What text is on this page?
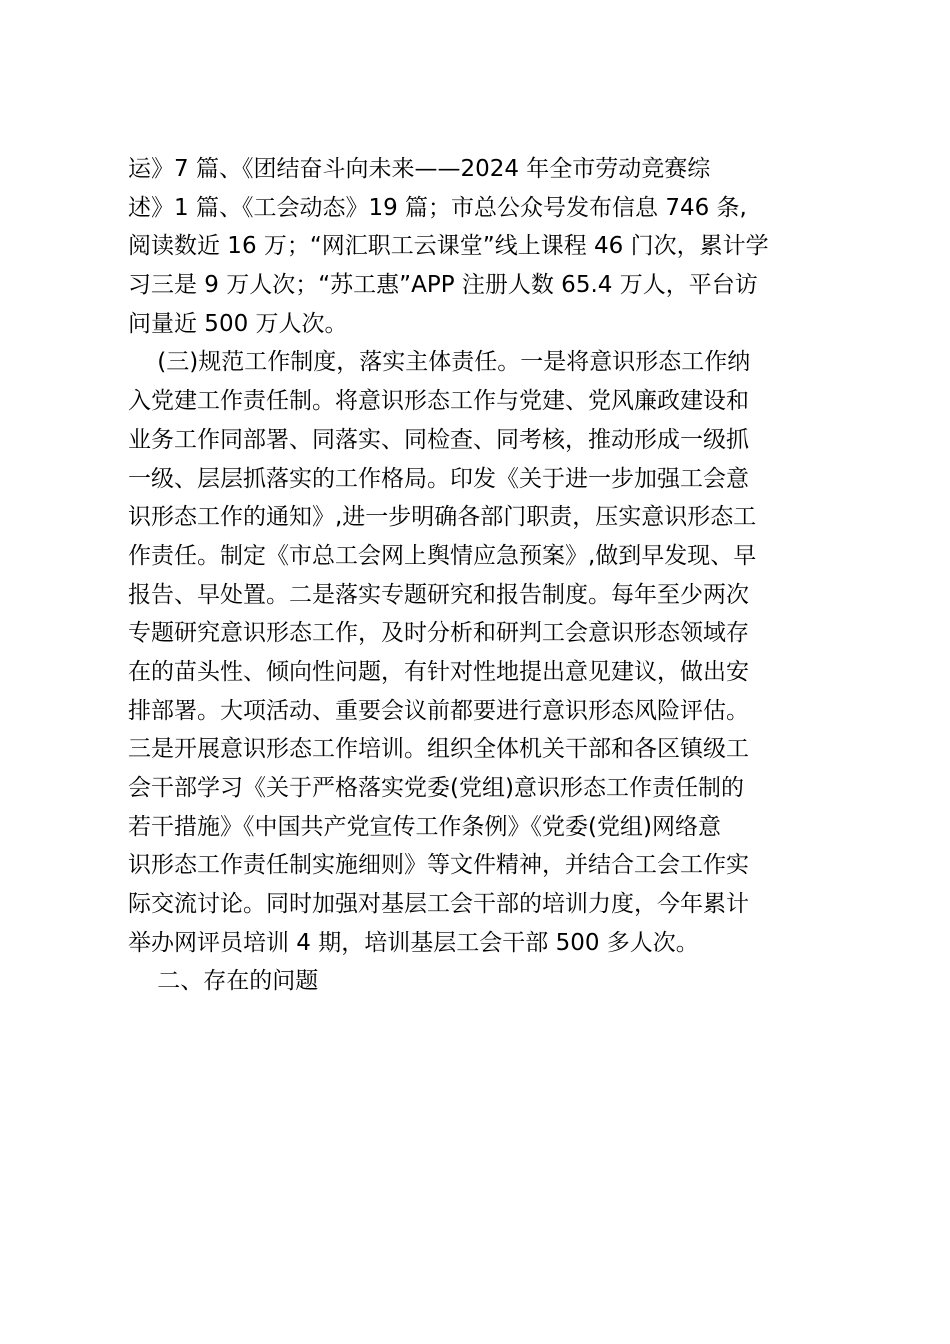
运》7 篇、《团结奋斗向未来——2024 年全市劳动竞赛综

述》1 篇、《工会动态》19 篇；市总公众号发布信息 746 条,

阅读数近 16 万；“网汇职工云课堂”线上课程 46 门次，累计学

习三是 9 万人次；“苏工惠”APP 注册人数 65.4 万人，平台访

问量近 500 万人次。

(三)规范工作制度，落实主体责任。一是将意识形态工作纳

入党建工作责任制。将意识形态工作与党建、党风廉政建设和

业务工作同部署、同落实、同检查、同考核，推动形成一级抓

一级、层层抓落实的工作格局。印发《关于进一步加强工会意

识形态工作的通知》,进一步明确各部门职责，压实意识形态工

作责任。制定《市总工会网上舆情应急预案》,做到早发现、早

报告、早处置。二是落实专题研究和报告制度。每年至少两次

专题研究意识形态工作，及时分析和研判工会意识形态领域存

在的苗头性、倾向性问题，有针对性地提出意见建议，做出安

排部署。大项活动、重要会议前都要进行意识形态风险评估。

三是开展意识形态工作培训。组织全体机关干部和各区镇级工

会干部学习《关于严格落实党委(党组)意识形态工作责任制的

若干措施》《中国共产党宣传工作条例》《党委(党组)网络意

识形态工作责任制实施细则》等文件精神，并结合工会工作实

际交流讨论。同时加强对基层工会干部的培训力度，今年累计

举办网评员培训 4 期，培训基层工会干部 500 多人次。

二、存在的问题
